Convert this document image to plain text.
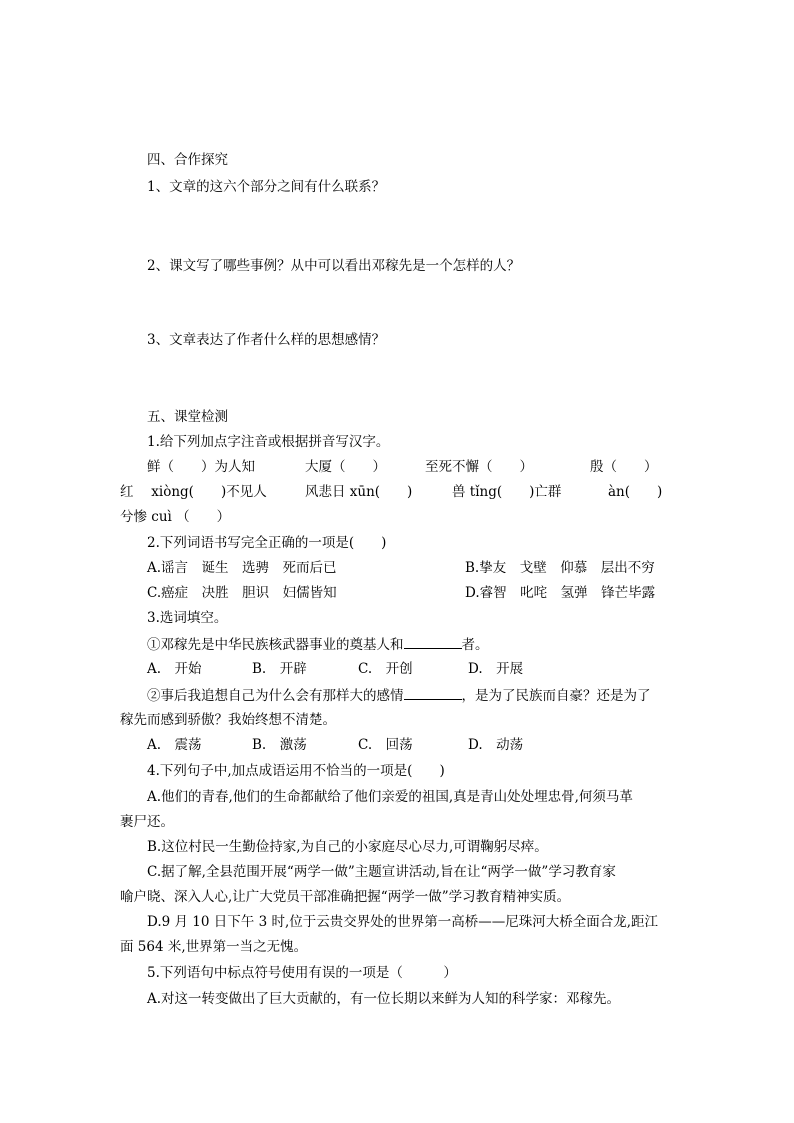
四、合作探究
1、文章的这六个部分之间有什么联系？
2、课文写了哪些事例？从中可以看出邓稼先是一个怎样的人？
3、文章表达了作者什么样的思想感情？
五、课堂检测
1.给下列加点字注音或根据拼音写汉字。
鲜（　　）为人知	大厦（　　）	至死不懈（　　）	殷（　　）
红　 xiòng(　　)不见人	风悲日 xūn(　　)	兽 tǐng(　　)亡群	àn(　　)
兮惨 cuì （　　）
2.下列词语书写完全正确的一项是(　　)
A.谣言　诞生　选骋　死而后已	B.挚友　戈壁　仰慕　层出不穷
C.癌症　决胜　胆识　妇儒皆知	D.睿智　叱咤　氢弹　锋芒毕露
3.选词填空。
①邓稼先是中华民族核武器事业的奠基人和	者。
A.　开始	B.　开辟	C.　开创	D.　开展
②事后我追想自己为什么会有那样大的感情	，是为了民族而自豪？还是为了
稼先而感到骄傲？我始终想不清楚。
A.　震荡	B.　激荡	C.　回荡	D.　动荡
4.下列句子中,加点成语运用不恰当的一项是(　　)
A.他们的青春,他们的生命都献给了他们亲爱的祖国,真是青山处处埋忠骨,何须马革
裹尸还。
B.这位村民一生勤俭持家,为自己的小家庭尽心尽力,可谓鞠躬尽瘁。
C.据了解,全县范围开展“两学一做”主题宣讲活动,旨在让“两学一做”学习教育家
喻户晓、深入人心,让广大党员干部准确把握“两学一做”学习教育精神实质。
D.9 月 10 日下午 3 时,位于云贵交界处的世界第一高桥——尼珠河大桥全面合龙,距江
面 564 米,世界第一当之无愧。
5.下列语句中标点符号使用有误的一项是（　　　）
A.对这一转变做出了巨大贡献的，有一位长期以来鲜为人知的科学家：邓稼先。
